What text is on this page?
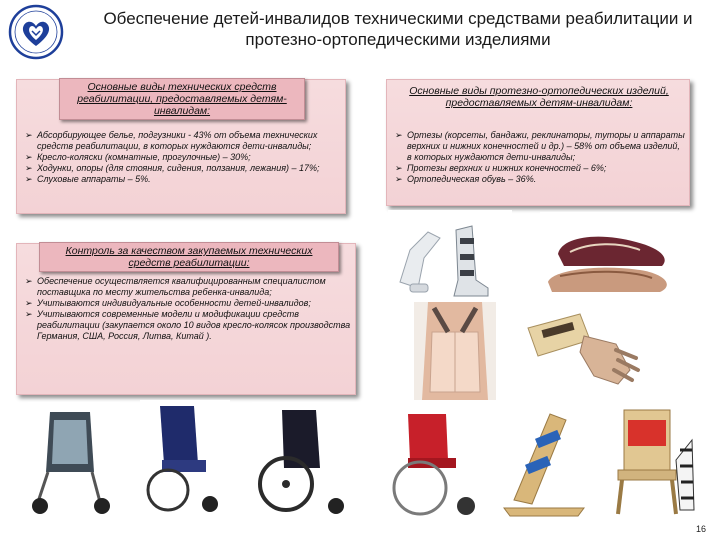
Обеспечение детей-инвалидов техническими средствами реабилитации и протезно-ортопедическими изделиями
Основные виды технических средств реабилитации, предоставляемых детям-инвалидам:
➢ Абсорбирующее белье, подгузники - 43% от объема технических средств реабилитации, в которых нуждаются дети-инвалиды;
➢ Кресло-коляски (комнатные, прогулочные) – 30%;
➢ Ходунки, опоры (для стояния, сидения, ползания, лежания) – 17%;
➢ Слуховые аппараты – 5%.
Основные виды протезно-ортопедических изделий, предоставляемых детям-инвалидам:
➢ Ортезы (корсеты, бандажи, реклинаторы, туторы и аппараты верхних и нижних конечностей и др.) – 58% от объема изделий, в которых нуждаются дети-инвалиды;
➢ Протезы верхних и нижних конечностей – 6%;
➢ Ортопедическая обувь – 36%.
Контроль за качеством закупаемых технических средств реабилитации:
➢ Обеспечение осуществляется квалифицированным специалистом поставщика по месту жительства ребенка-инвалида;
➢ Учитываются индивидуальные особенности детей-инвалидов;
➢ Учитываются современные модели и модификации средств реабилитации (закупается около 10 видов кресло-колясок производства Германия, США, Россия, Литва, Китай ).
16
